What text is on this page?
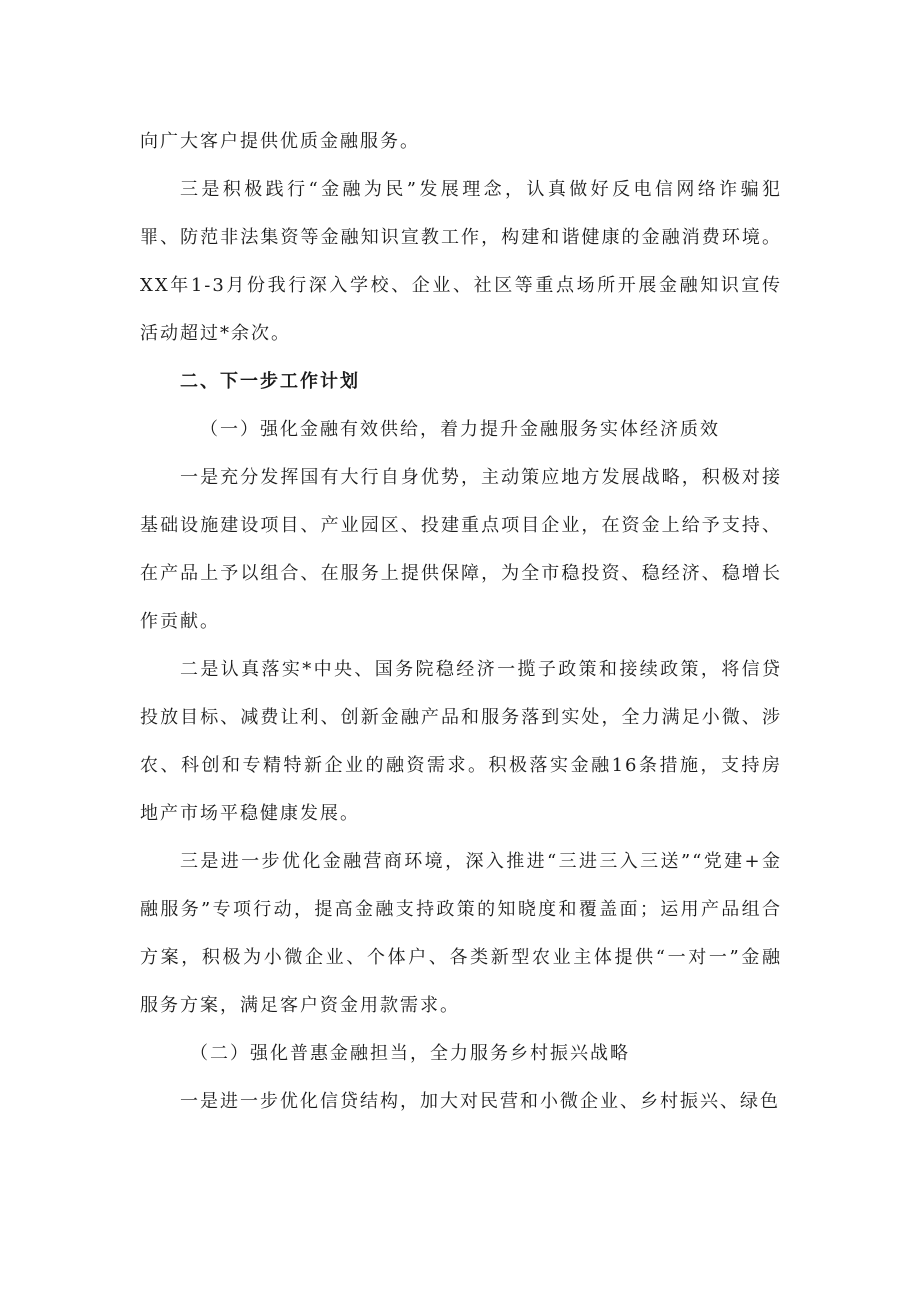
向广大客户提供优质金融服务。
三是积极践行“金融为民”发展理念，认真做好反电信网络诈骗犯罪、防范非法集资等金融知识宣教工作，构建和谐健康的金融消费环境。XX年1-3月份我行深入学校、企业、社区等重点场所开展金融知识宣传活动超过*余次。
二、下一步工作计划
（一）强化金融有效供给，着力提升金融服务实体经济质效
一是充分发挥国有大行自身优势，主动策应地方发展战略，积极对接基础设施建设项目、产业园区、投建重点项目企业，在资金上给予支持、在产品上予以组合、在服务上提供保障，为全市稳投资、稳经济、稳增长作贡献。
二是认真落实*中央、国务院稳经济一揽子政策和接续政策，将信贷投放目标、减费让利、创新金融产品和服务落到实处，全力满足小微、涉农、科创和专精特新企业的融资需求。积极落实金融16条措施，支持房地产市场平稳健康发展。
三是进一步优化金融营商环境，深入推进“三进三入三送”“党建+金融服务”专项行动，提高金融支持政策的知晓度和覆盖面；运用产品组合方案，积极为小微企业、个体户、各类新型农业主体提供“一对一”金融服务方案，满足客户资金用款需求。
（二）强化普惠金融担当，全力服务乡村振兴战略
一是进一步优化信贷结构，加大对民营和小微企业、乡村振兴、绿色
